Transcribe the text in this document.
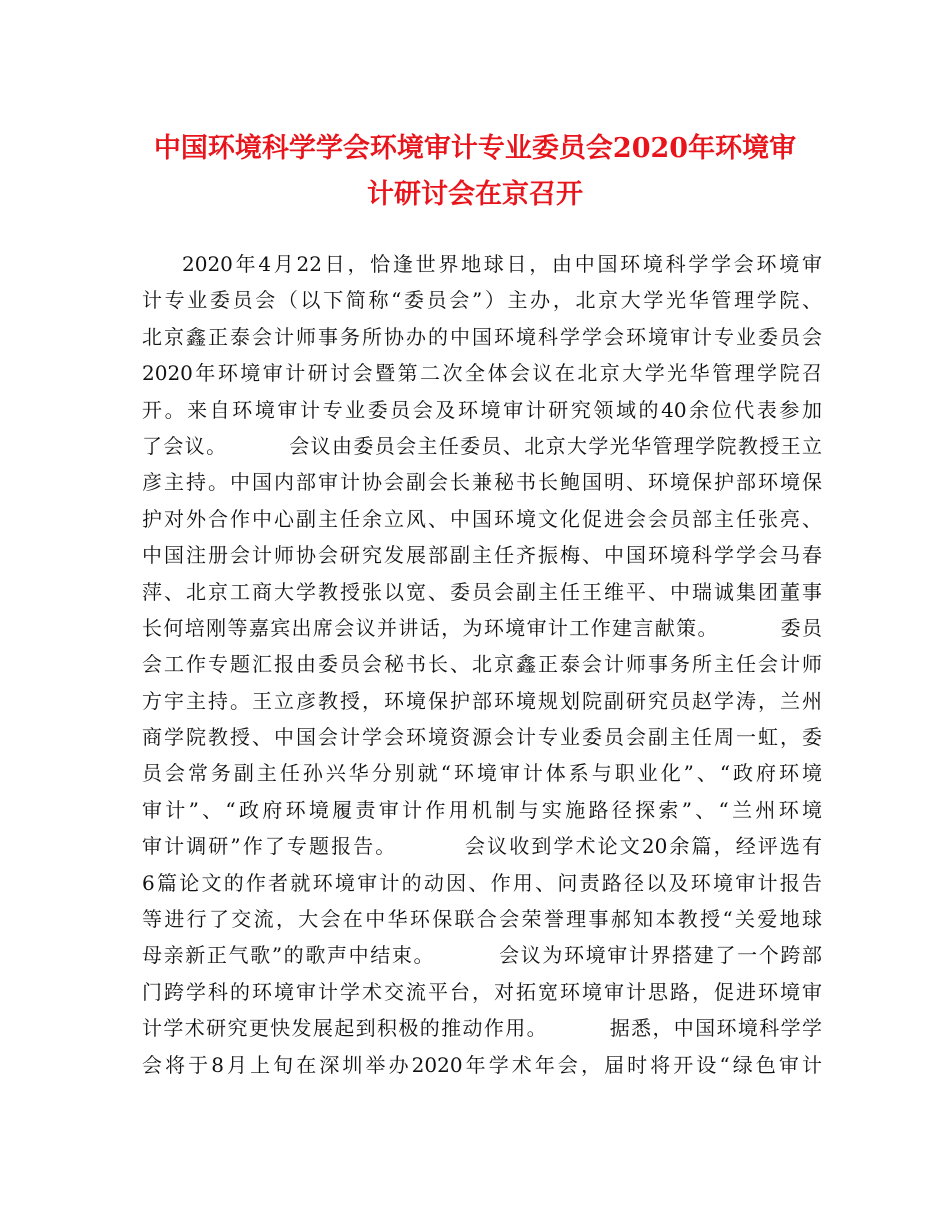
中国环境科学学会环境审计专业委员会2020年环境审
计研讨会在京召开
2020年4月22日，恰逢世界地球日，由中国环境科学学会环境审
计专业委员会（以下简称“委员会”）主办，北京大学光华管理学院、
北京鑫正泰会计师事务所协办的中国环境科学学会环境审计专业委员会
2020年环境审计研讨会暨第二次全体会议在北京大学光华管理学院召
开。来自环境审计专业委员会及环境审计研究领域的40余位代表参加
了会议。        会议由委员会主任委员、北京大学光华管理学院教授王立
彦主持。中国内部审计协会副会长兼秘书长鲍国明、环境保护部环境保
护对外合作中心副主任余立风、中国环境文化促进会会员部主任张亮、
中国注册会计师协会研究发展部副主任齐振梅、中国环境科学学会马春
萍、北京工商大学教授张以宽、委员会副主任王维平、中瑞诚集团董事
长何培刚等嘉宾出席会议并讲话，为环境审计工作建言献策。        委员
会工作专题汇报由委员会秘书长、北京鑫正泰会计师事务所主任会计师
方宇主持。王立彦教授，环境保护部环境规划院副研究员赵学涛，兰州
商学院教授、中国会计学会环境资源会计专业委员会副主任周一虹，委
员会常务副主任孙兴华分别就“环境审计体系与职业化”、“政府环境
审计”、“政府环境履责审计作用机制与实施路径探索”、“兰州环境
审计调研”作了专题报告。        会议收到学术论文20余篇，经评选有
6篇论文的作者就环境审计的动因、作用、问责路径以及环境审计报告
等进行了交流，大会在中华环保联合会荣誉理事郝知本教授“关爱地球
母亲新正气歌”的歌声中结束。        会议为环境审计界搭建了一个跨部
门跨学科的环境审计学术交流平台，对拓宽环境审计思路，促进环境审
计学术研究更快发展起到积极的推动作用。        据悉，中国环境科学学
会将于8月上旬在深圳举办2020年学术年会，届时将开设“绿色审计
